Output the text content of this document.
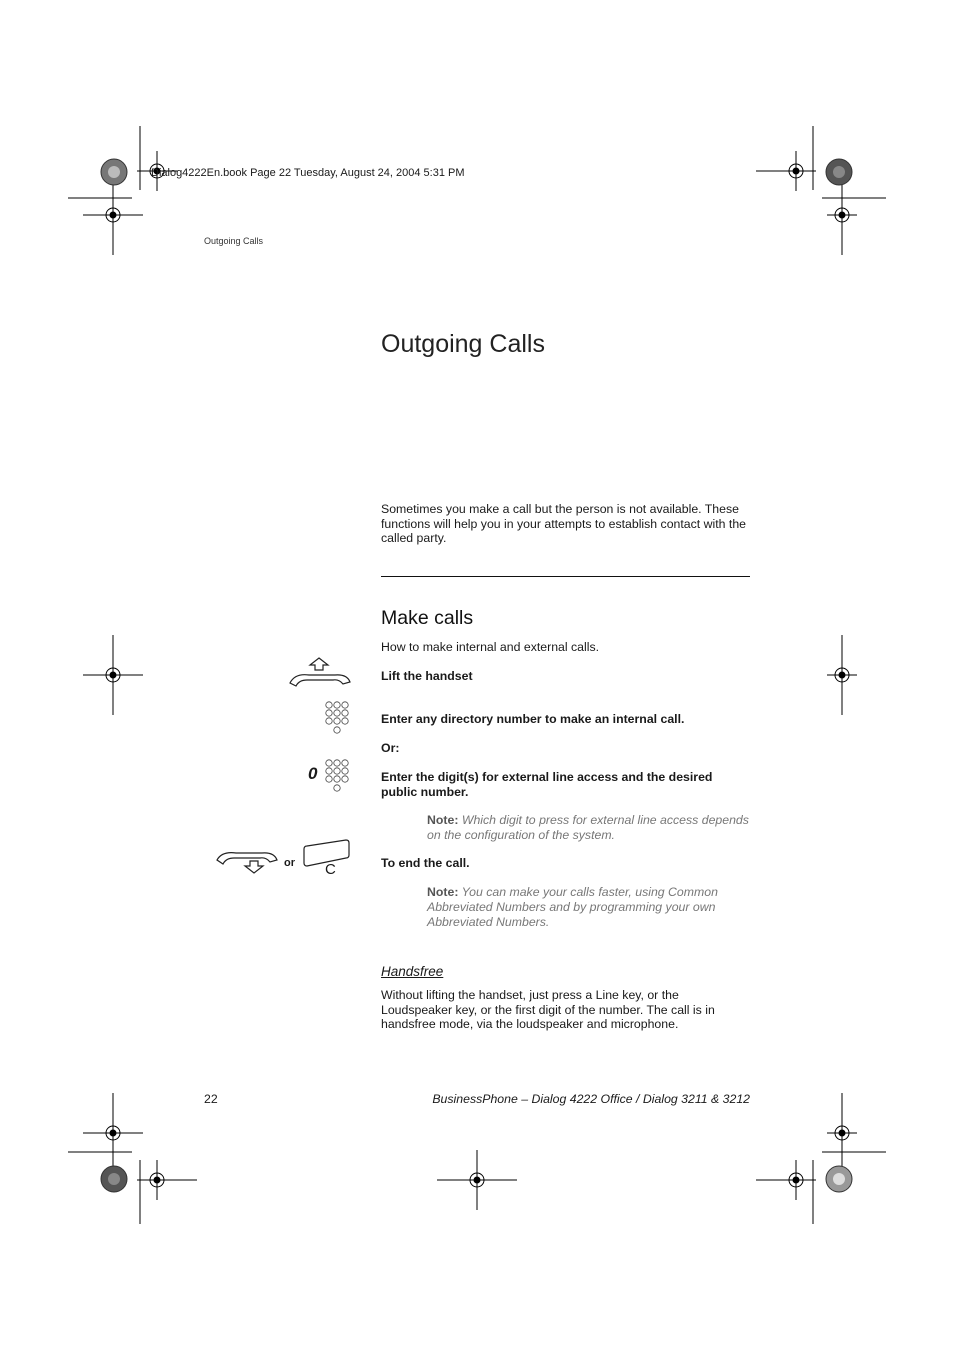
Dialog4222En.book Page 22 Tuesday, August 24, 2004 5:31 PM
Outgoing Calls
Outgoing Calls
Sometimes you make a call but the person is not available. These functions will help you in your attempts to establish contact with the called party.
Make calls
How to make internal and external calls.
Lift the handset
Enter any directory number to make an internal call.
Or:
0	Enter the digit(s) for external line access and the desired public number.
Note: Which digit to press for external line access depends on the configuration of the system.
or C	To end the call.
Note: You can make your calls faster, using Common Abbreviated Numbers and by programming your own Abbreviated Numbers.
Handsfree
Without lifting the handset, just press a Line key, or the Loudspeaker key, or the first digit of the number. The call is in handsfree mode, via the loudspeaker and microphone.
22	BusinessPhone – Dialog 4222 Office / Dialog 3211 & 3212
